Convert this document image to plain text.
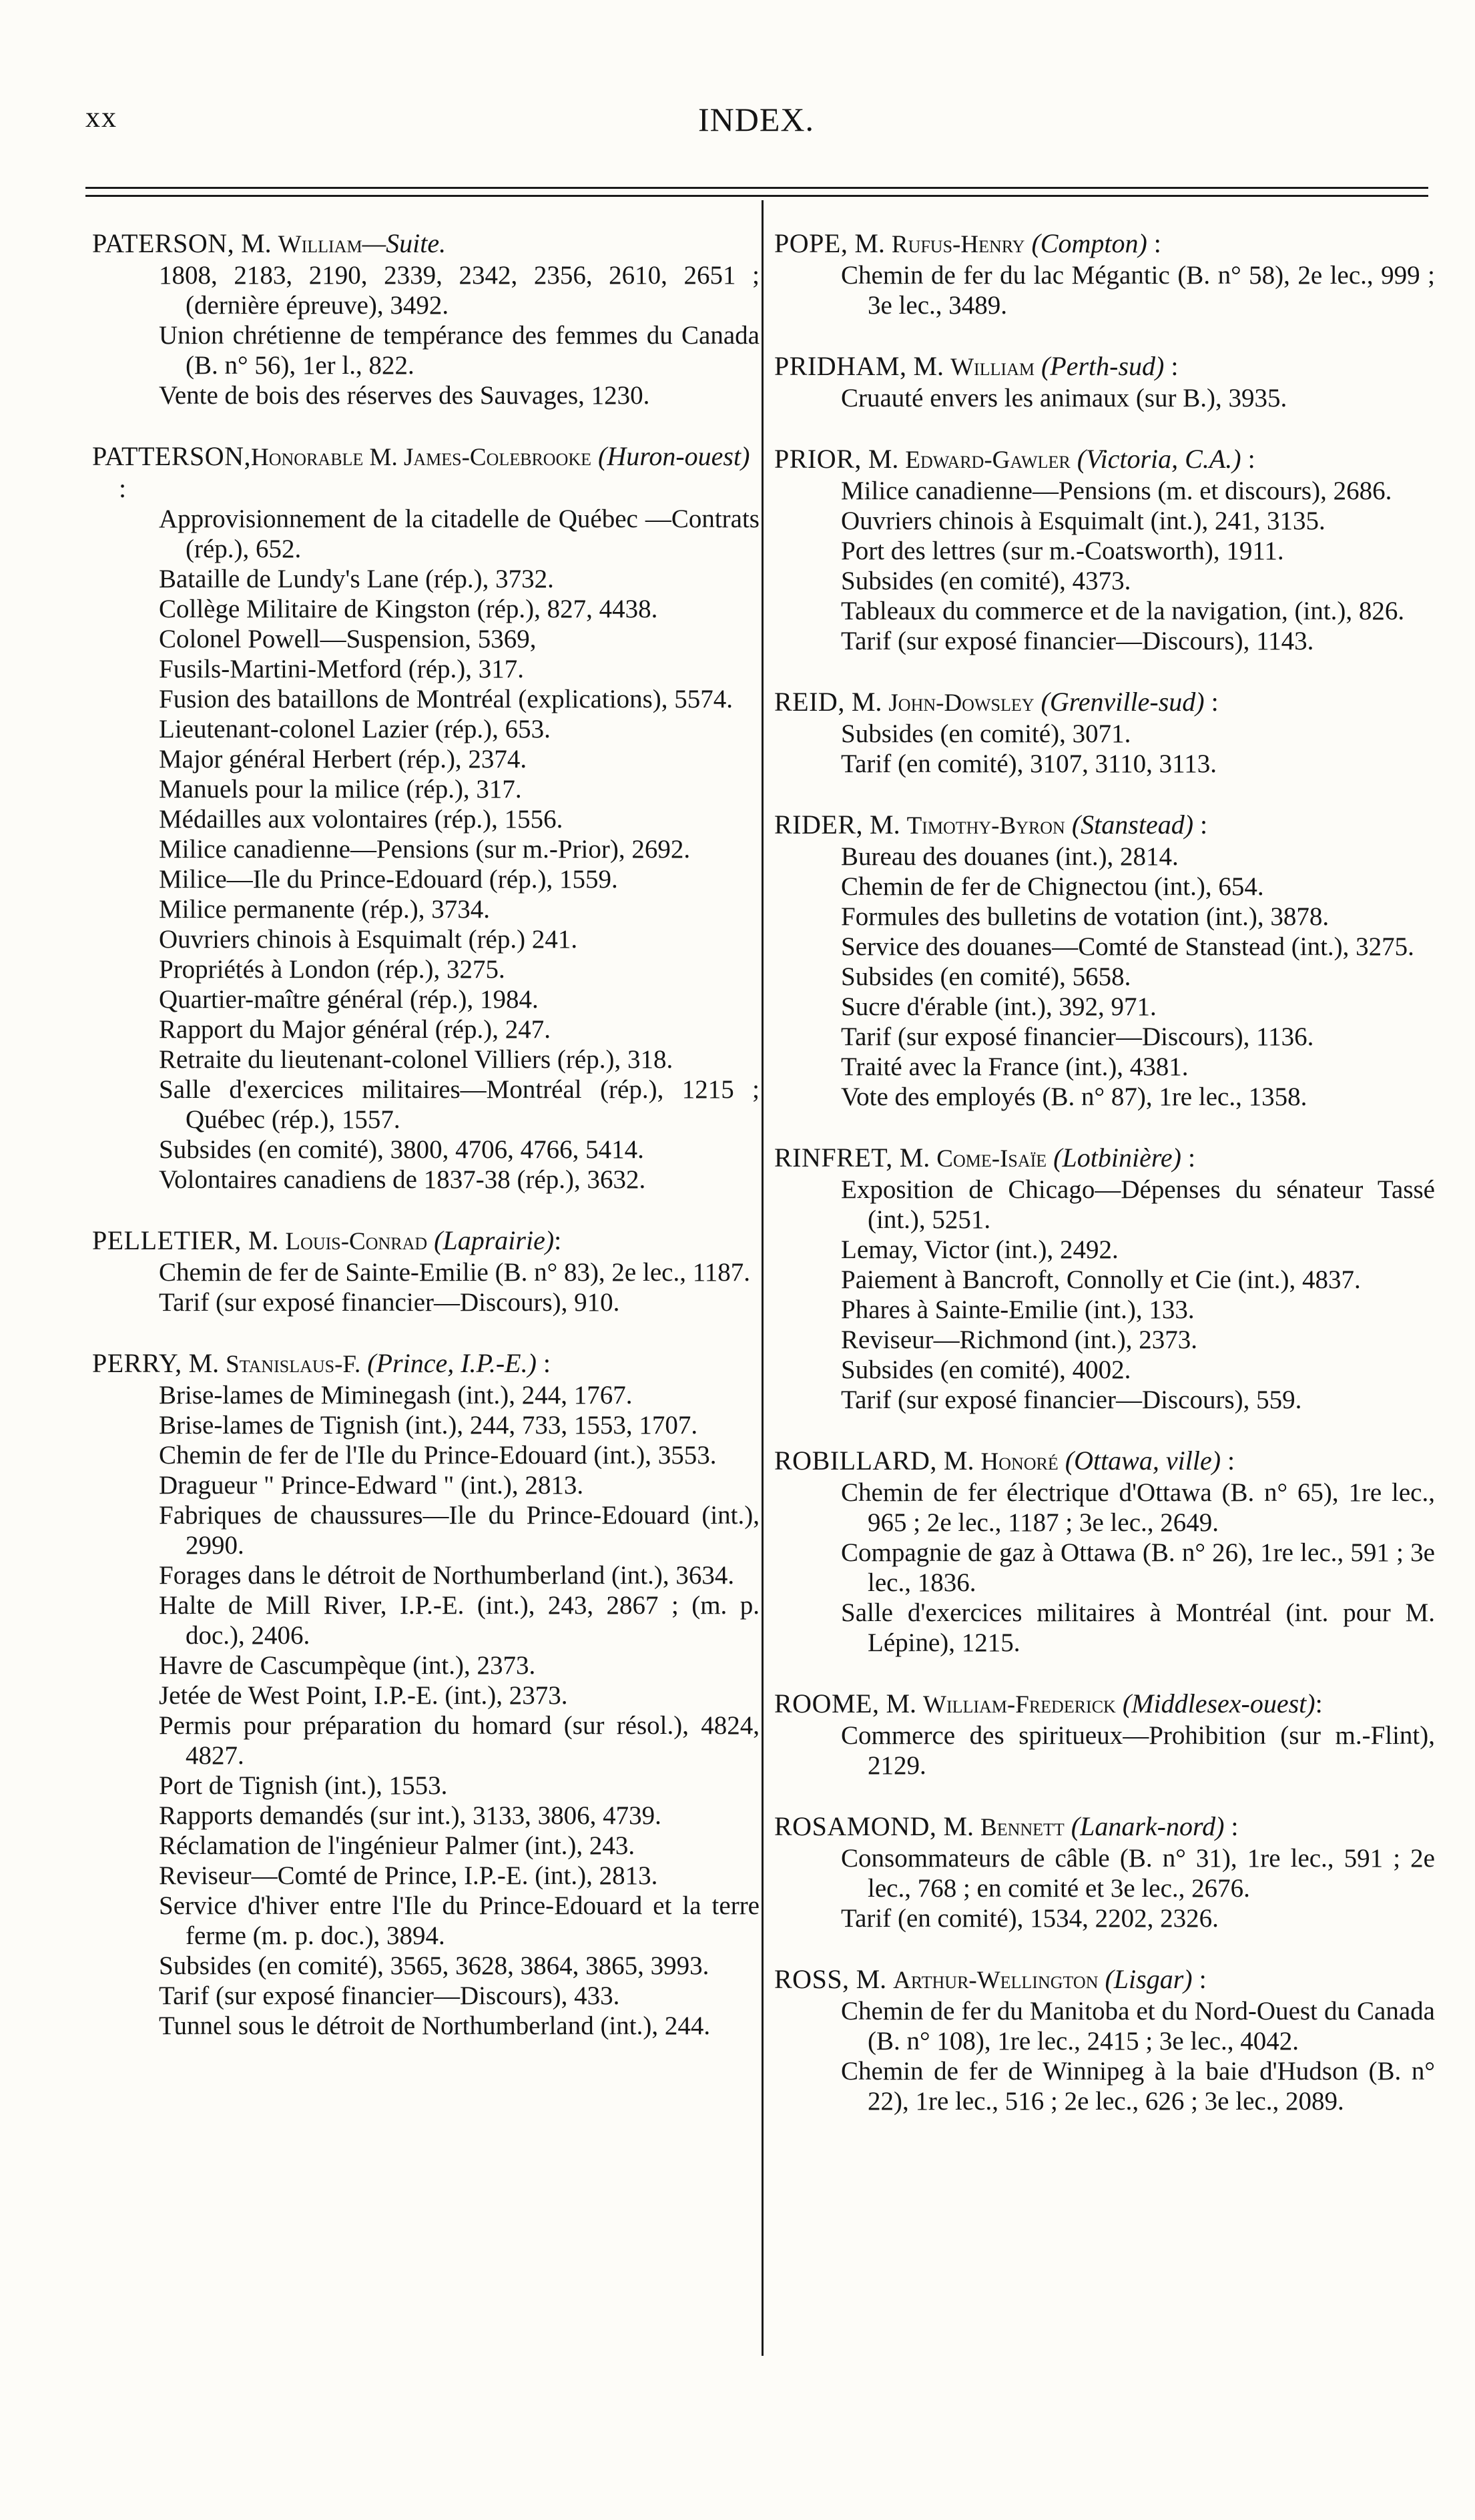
xx	INDEX.
PATERSON, M. William—Suite.
1808, 2183, 2190, 2339, 2342, 2356, 2610, 2651 ; (dernière épreuve), 3492.
Union chrétienne de tempérance des femmes du Canada (B. n° 56), 1er l., 822.
Vente de bois des réserves des Sauvages, 1230.
PATTERSON,Honorable M. James-Colebrooke (Huron-ouest) :
Approvisionnement de la citadelle de Québec —Contrats (rép.), 652.
Bataille de Lundy's Lane (rép.), 3732.
Collège Militaire de Kingston (rép.), 827, 4438.
Colonel Powell—Suspension, 5369,
Fusils-Martini-Metford (rép.), 317.
Fusion des bataillons de Montréal (explications), 5574.
Lieutenant-colonel Lazier (rép.), 653.
Major général Herbert (rép.), 2374.
Manuels pour la milice (rép.), 317.
Médailles aux volontaires (rép.), 1556.
Milice canadienne—Pensions (sur m.-Prior), 2692.
Milice—Ile du Prince-Edouard (rép.), 1559.
Milice permanente (rép.), 3734.
Ouvriers chinois à Esquimalt (rép.) 241.
Propriétés à London (rép.), 3275.
Quartier-maître général (rép.), 1984.
Rapport du Major général (rép.), 247.
Retraite du lieutenant-colonel Villiers (rép.), 318.
Salle d'exercices militaires—Montréal (rép.), 1215 ; Québec (rép.), 1557.
Subsides (en comité), 3800, 4706, 4766, 5414.
Volontaires canadiens de 1837-38 (rép.), 3632.
PELLETIER, M. Louis-Conrad (Laprairie):
Chemin de fer de Sainte-Emilie (B. n° 83), 2e lec., 1187.
Tarif (sur exposé financier—Discours), 910.
PERRY, M. Stanislaus-F. (Prince, I.P.-E.) :
Brise-lames de Miminegash (int.), 244, 1767.
Brise-lames de Tignish (int.), 244, 733, 1553, 1707.
Chemin de fer de l'Ile du Prince-Edouard (int.), 3553.
Dragueur " Prince-Edward " (int.), 2813.
Fabriques de chaussures—Ile du Prince-Edouard (int.), 2990.
Forages dans le détroit de Northumberland (int.), 3634.
Halte de Mill River, I.P.-E. (int.), 243, 2867 ; (m. p. doc.), 2406.
Havre de Cascumpèque (int.), 2373.
Jetée de West Point, I.P.-E. (int.), 2373.
Permis pour préparation du homard (sur résol.), 4824, 4827.
Port de Tignish (int.), 1553.
Rapports demandés (sur int.), 3133, 3806, 4739.
Réclamation de l'ingénieur Palmer (int.), 243.
Reviseur—Comté de Prince, I.P.-E. (int.), 2813.
Service d'hiver entre l'Ile du Prince-Edouard et la terre ferme (m. p. doc.), 3894.
Subsides (en comité), 3565, 3628, 3864, 3865, 3993.
Tarif (sur exposé financier—Discours), 433.
Tunnel sous le détroit de Northumberland (int.), 244.
POPE, M. Rufus-Henry (Compton) :
Chemin de fer du lac Mégantic (B. n° 58), 2e lec., 999 ; 3e lec., 3489.
PRIDHAM, M. William (Perth-sud) :
Cruauté envers les animaux (sur B.), 3935.
PRIOR, M. Edward-Gawler (Victoria, C.A.) :
Milice canadienne—Pensions (m. et discours), 2686.
Ouvriers chinois à Esquimalt (int.), 241, 3135.
Port des lettres (sur m.-Coatsworth), 1911.
Subsides (en comité), 4373.
Tableaux du commerce et de la navigation, (int.), 826.
Tarif (sur exposé financier—Discours), 1143.
REID, M. John-Dowsley (Grenville-sud) :
Subsides (en comité), 3071.
Tarif (en comité), 3107, 3110, 3113.
RIDER, M. Timothy-Byron (Stanstead) :
Bureau des douanes (int.), 2814.
Chemin de fer de Chignectou (int.), 654.
Formules des bulletins de votation (int.), 3878.
Service des douanes—Comté de Stanstead (int.), 3275.
Subsides (en comité), 5658.
Sucre d'érable (int.), 392, 971.
Tarif (sur exposé financier—Discours), 1136.
Traité avec la France (int.), 4381.
Vote des employés (B. n° 87), 1re lec., 1358.
RINFRET, M. Come-Isaïe (Lotbinière) :
Exposition de Chicago—Dépenses du sénateur Tassé (int.), 5251.
Lemay, Victor (int.), 2492.
Paiement à Bancroft, Connolly et Cie (int.), 4837.
Phares à Sainte-Emilie (int.), 133.
Reviseur—Richmond (int.), 2373.
Subsides (en comité), 4002.
Tarif (sur exposé financier—Discours), 559.
ROBILLARD, M. Honoré (Ottawa, ville) :
Chemin de fer électrique d'Ottawa (B. n° 65), 1re lec., 965 ; 2e lec., 1187 ; 3e lec., 2649.
Compagnie de gaz à Ottawa (B. n° 26), 1re lec., 591 ; 3e lec., 1836.
Salle d'exercices militaires à Montréal (int. pour M. Lépine), 1215.
ROOME, M. William-Frederick (Middlesex-ouest):
Commerce des spiritueux—Prohibition (sur m.-Flint), 2129.
ROSAMOND, M. Bennett (Lanark-nord) :
Consommateurs de câble (B. n° 31), 1re lec., 591 ; 2e lec., 768 ; en comité et 3e lec., 2676.
Tarif (en comité), 1534, 2202, 2326.
ROSS, M. Arthur-Wellington (Lisgar) :
Chemin de fer du Manitoba et du Nord-Ouest du Canada (B. n° 108), 1re lec., 2415 ; 3e lec., 4042.
Chemin de fer de Winnipeg à la baie d'Hudson (B. n° 22), 1re lec., 516 ; 2e lec., 626 ; 3e lec., 2089.
